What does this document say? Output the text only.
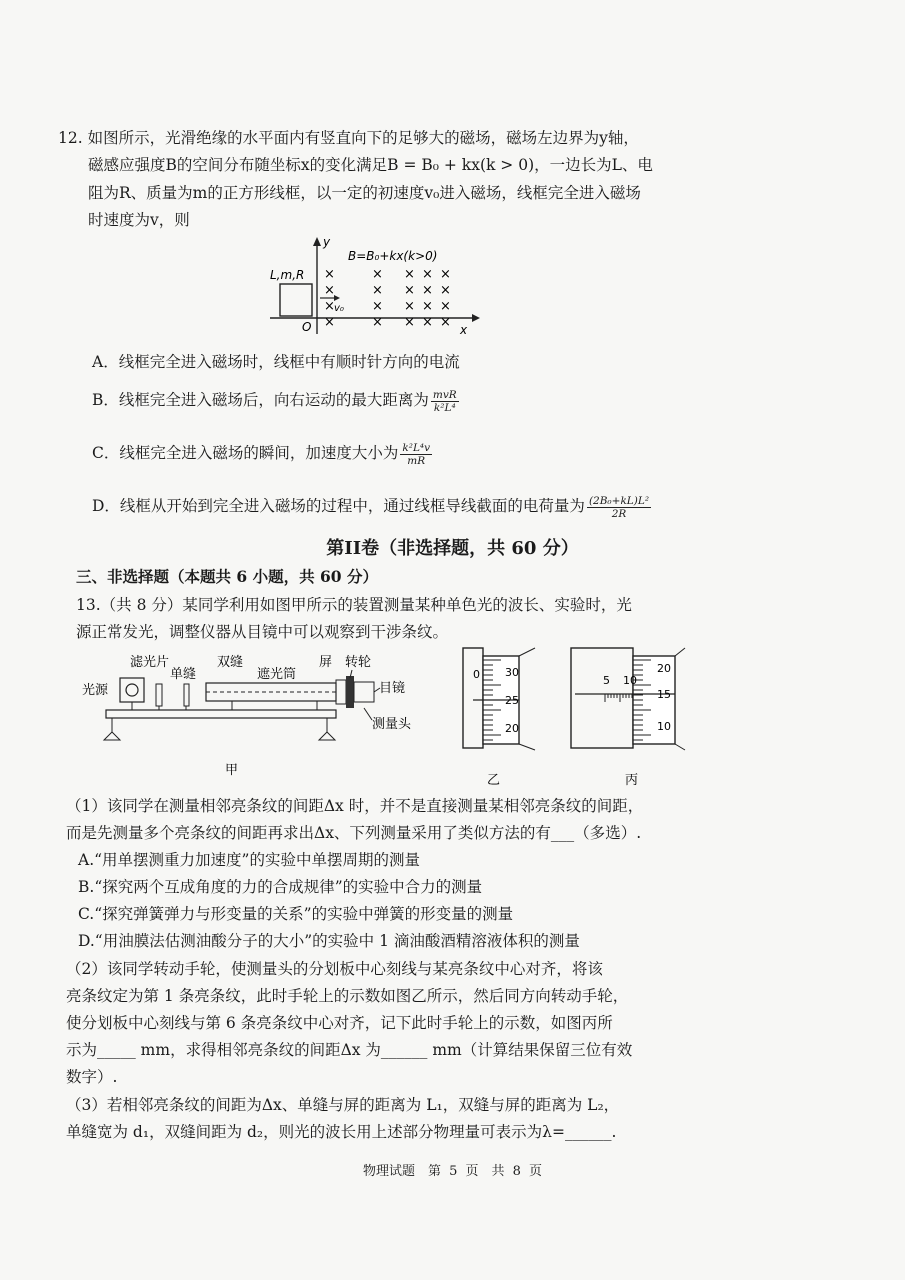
12. 如图所示，光滑绝缘的水平面内有竖直向下的足够大的磁场，磁场左边界为y轴，
磁感应强度B的空间分布随坐标x的变化满足B = B₀ + kx(k > 0)，一边长为L、电
阻为R、质量为m的正方形线框，以一定的初速度v₀进入磁场，线框完全进入磁场
时速度为v，则
y
x
O
L,m,R
B=B₀+kx(k>0)
v₀
×	× × × ×
×	× × × ×
×	× × × ×
×	× × × ×
A．线框完全进入磁场时，线框中有顺时针方向的电流
B．线框完全进入磁场后，向右运动的最大距离为 $\frac{\text{mvR}}{\text{k²L⁴}}$
C．线框完全进入磁场的瞬间，加速度大小为 $\frac{\text{k²L⁴v}}{mR}$
D．线框从开始到完全进入磁场的过程中，通过线框导线截面的电荷量为 $\frac{\text{(2B₀+kL)L²}}{2R}$
第II卷（非选择题，共 60 分）
三、非选择题（本题共 6 小题，共 60 分）
13.（共 8 分）某同学利用如图甲所示的装置测量某种单色光的波长、实验时，光
源正常发光，调整仪器从目镜中可以观察到干涉条纹。
滤光片
单缝
双缝
遮光筒
屏 转轮
光源	目镜
测量头
甲
0 30
25
20
乙
5 10
20
15
10
丙
（1）该同学在测量相邻亮条纹的间距Δx 时，并不是直接测量某相邻亮条纹的间距，
而是先测量多个亮条纹的间距再求出Δx、下列测量采用了类似方法的有___（多选）.
A.“用单摆测重力加速度”的实验中单摆周期的测量
B.“探究两个互成角度的力的合成规律”的实验中合力的测量
C.“探究弹簧弹力与形变量的关系”的实验中弹簧的形变量的测量
D.“用油膜法估测油酸分子的大小”的实验中 1 滴油酸酒精溶液体积的测量
（2）该同学转动手轮，使测量头的分划板中心刻线与某亮条纹中心对齐，将该
亮条纹定为第 1 条亮条纹，此时手轮上的示数如图乙所示，然后同方向转动手轮，
使分划板中心刻线与第 6 条亮条纹中心对齐，记下此时手轮上的示数，如图丙所
示为_____ mm，求得相邻亮条纹的间距Δx 为______ mm（计算结果保留三位有效
数字）.
（3）若相邻亮条纹的间距为Δx、单缝与屏的距离为 L₁，双缝与屏的距离为 L₂，
单缝宽为 d₁，双缝间距为 d₂，则光的波长用上述部分物理量可表示为λ=______.
物理试题　第 5 页　共 8 页
